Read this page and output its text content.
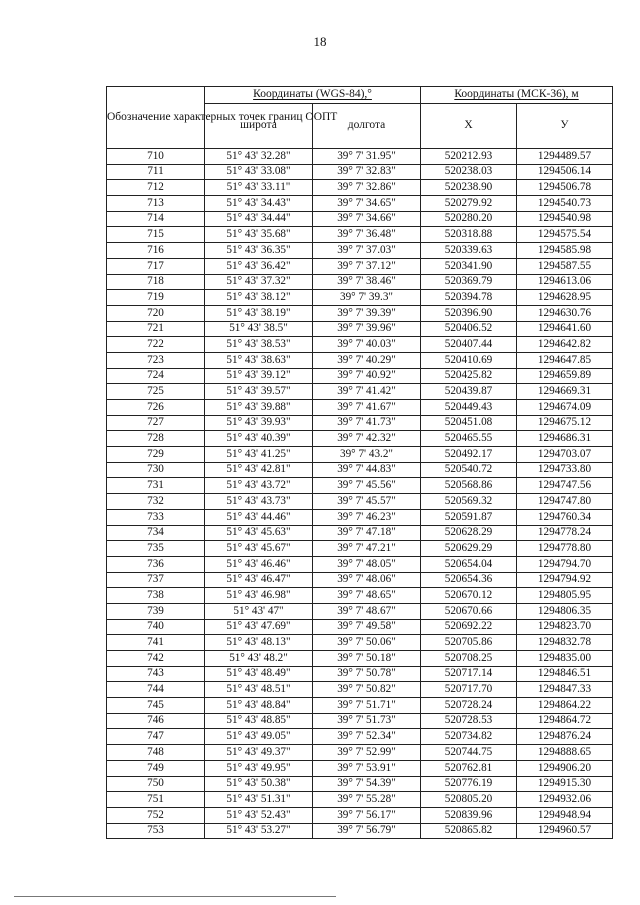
18
Обозначение характерных точек границ ООПТ	Координаты (WGS-84),°		Координаты (МСК-36), м	
	широта	долгота	X	У
710	51° 43' 32.28"	39° 7' 31.95"	520212.93	1294489.57
711	51° 43' 33.08"	39° 7' 32.83"	520238.03	1294506.14
712	51° 43' 33.11"	39° 7' 32.86"	520238.90	1294506.78
713	51° 43' 34.43"	39° 7' 34.65"	520279.92	1294540.73
714	51° 43' 34.44"	39° 7' 34.66"	520280.20	1294540.98
715	51° 43' 35.68"	39° 7' 36.48"	520318.88	1294575.54
716	51° 43' 36.35"	39° 7' 37.03"	520339.63	1294585.98
717	51° 43' 36.42"	39° 7' 37.12"	520341.90	1294587.55
718	51° 43' 37.32"	39° 7' 38.46"	520369.79	1294613.06
719	51° 43' 38.12"	39° 7' 39.3"	520394.78	1294628.95
720	51° 43' 38.19"	39° 7' 39.39"	520396.90	1294630.76
721	51° 43' 38.5"	39° 7' 39.96"	520406.52	1294641.60
722	51° 43' 38.53"	39° 7' 40.03"	520407.44	1294642.82
723	51° 43' 38.63"	39° 7' 40.29"	520410.69	1294647.85
724	51° 43' 39.12"	39° 7' 40.92"	520425.82	1294659.89
725	51° 43' 39.57"	39° 7' 41.42"	520439.87	1294669.31
726	51° 43' 39.88"	39° 7' 41.67"	520449.43	1294674.09
727	51° 43' 39.93"	39° 7' 41.73"	520451.08	1294675.12
728	51° 43' 40.39"	39° 7' 42.32"	520465.55	1294686.31
729	51° 43' 41.25"	39° 7' 43.2"	520492.17	1294703.07
730	51° 43' 42.81"	39° 7' 44.83"	520540.72	1294733.80
731	51° 43' 43.72"	39° 7' 45.56"	520568.86	1294747.56
732	51° 43' 43.73"	39° 7' 45.57"	520569.32	1294747.80
733	51° 43' 44.46"	39° 7' 46.23"	520591.87	1294760.34
734	51° 43' 45.63"	39° 7' 47.18"	520628.29	1294778.24
735	51° 43' 45.67"	39° 7' 47.21"	520629.29	1294778.80
736	51° 43' 46.46"	39° 7' 48.05"	520654.04	1294794.70
737	51° 43' 46.47"	39° 7' 48.06"	520654.36	1294794.92
738	51° 43' 46.98"	39° 7' 48.65"	520670.12	1294805.95
739	51° 43' 47"	39° 7' 48.67"	520670.66	1294806.35
740	51° 43' 47.69"	39° 7' 49.58"	520692.22	1294823.70
741	51° 43' 48.13"	39° 7' 50.06"	520705.86	1294832.78
742	51° 43' 48.2"	39° 7' 50.18"	520708.25	1294835.00
743	51° 43' 48.49"	39° 7' 50.78"	520717.14	1294846.51
744	51° 43' 48.51"	39° 7' 50.82"	520717.70	1294847.33
745	51° 43' 48.84"	39° 7' 51.71"	520728.24	1294864.22
746	51° 43' 48.85"	39° 7' 51.73"	520728.53	1294864.72
747	51° 43' 49.05"	39° 7' 52.34"	520734.82	1294876.24
748	51° 43' 49.37"	39° 7' 52.99"	520744.75	1294888.65
749	51° 43' 49.95"	39° 7' 53.91"	520762.81	1294906.20
750	51° 43' 50.38"	39° 7' 54.39"	520776.19	1294915.30
751	51° 43' 51.31"	39° 7' 55.28"	520805.20	1294932.06
752	51° 43' 52.43"	39° 7' 56.17"	520839.96	1294948.94
753	51° 43' 53.27"	39° 7' 56.79"	520865.82	1294960.57
